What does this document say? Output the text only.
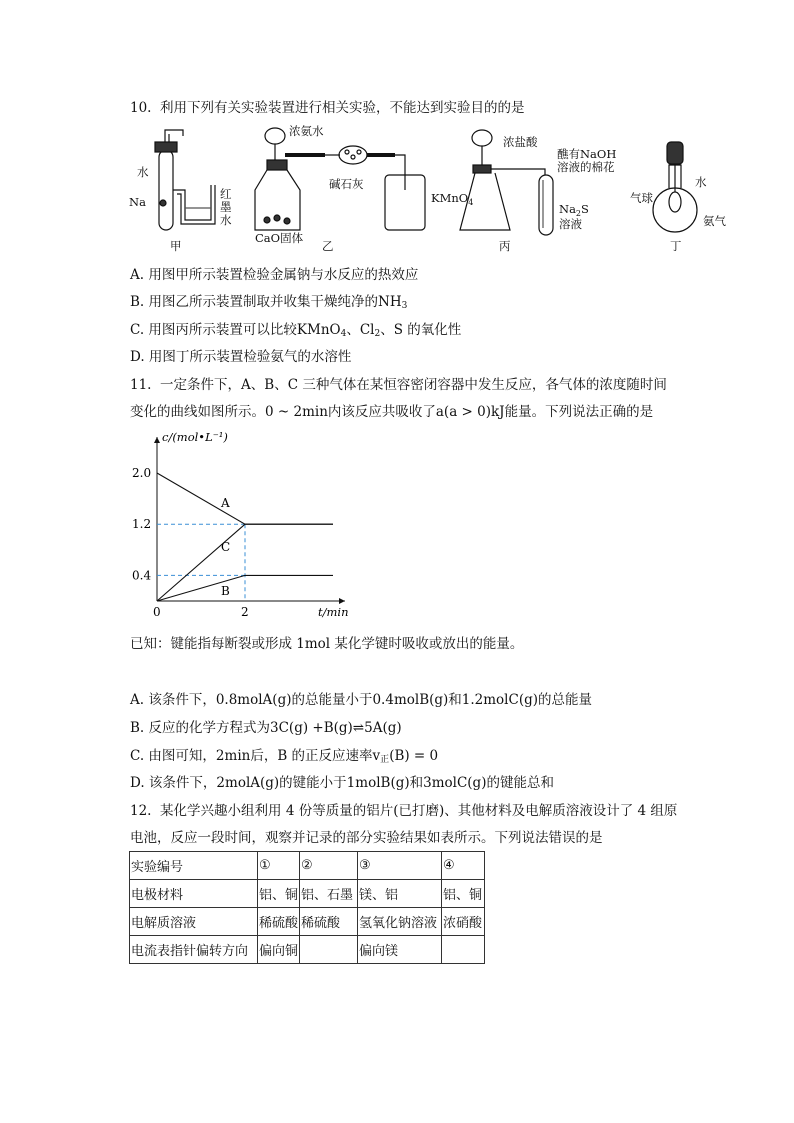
10.  利用下列有关实验装置进行相关实验，不能达到实验目的的是
水
Na
红
墨
水
甲
浓氨水
碱石灰
CaO固体
乙
浓盐酸
醮有NaOH
溶液的棉花
KMnO$_4$	$Na_2S$
溶液
丙
水
气球
氨气
丁
A. 用图甲所示装置检验金属钠与水反应的热效应
B. 用图乙所示装置制取并收集干燥纯净的$NH_3$
C. 用图丙所示装置可以比较KMnO$_4$、$Cl_2$、S 的氧化性
D. 用图丁所示装置检验氨气的水溶性
11.  一定条件下，A、B、C 三种气体在某恒容密闭容器中发生反应，各气体的浓度随时间
变化的曲线如图所示。0 ~ 2min内该反应共吸收了a(a > 0)kJ能量。下列说法正确的是
A
C
B
0.4
1.2
2.0
0	2
c/(mol•L⁻¹)
t/min
已知：键能指每断裂或形成 1mol 某化学键时吸收或放出的能量。
A. 该条件下，0.8molA(g)的总能量小于0.4molB(g)和1.2molC(g)的总能量
B. 反应的化学方程式为3C(g) +B(g)⇌5A(g)
C. 由图可知，2min后，B 的正反应速率$v_正(B) = 0$
D. 该条件下，2molA(g)的键能小于1molB(g)和3molC(g)的键能总和
12.  某化学兴趣小组利用 4 份等质量的铝片(已打磨)、其他材料及电解质溶液设计了 4 组原
电池，反应一段时间，观察并记录的部分实验结果如表所示。下列说法错误的是
实验编号	①	②	③	④
电极材料	铝、铜	铝、石墨	镁、铝	铝、铜
电解质溶液	稀硫酸	稀硫酸	氢氧化钠溶液	浓硝酸
电流表指针偏转方向	偏向铜		偏向镁	
